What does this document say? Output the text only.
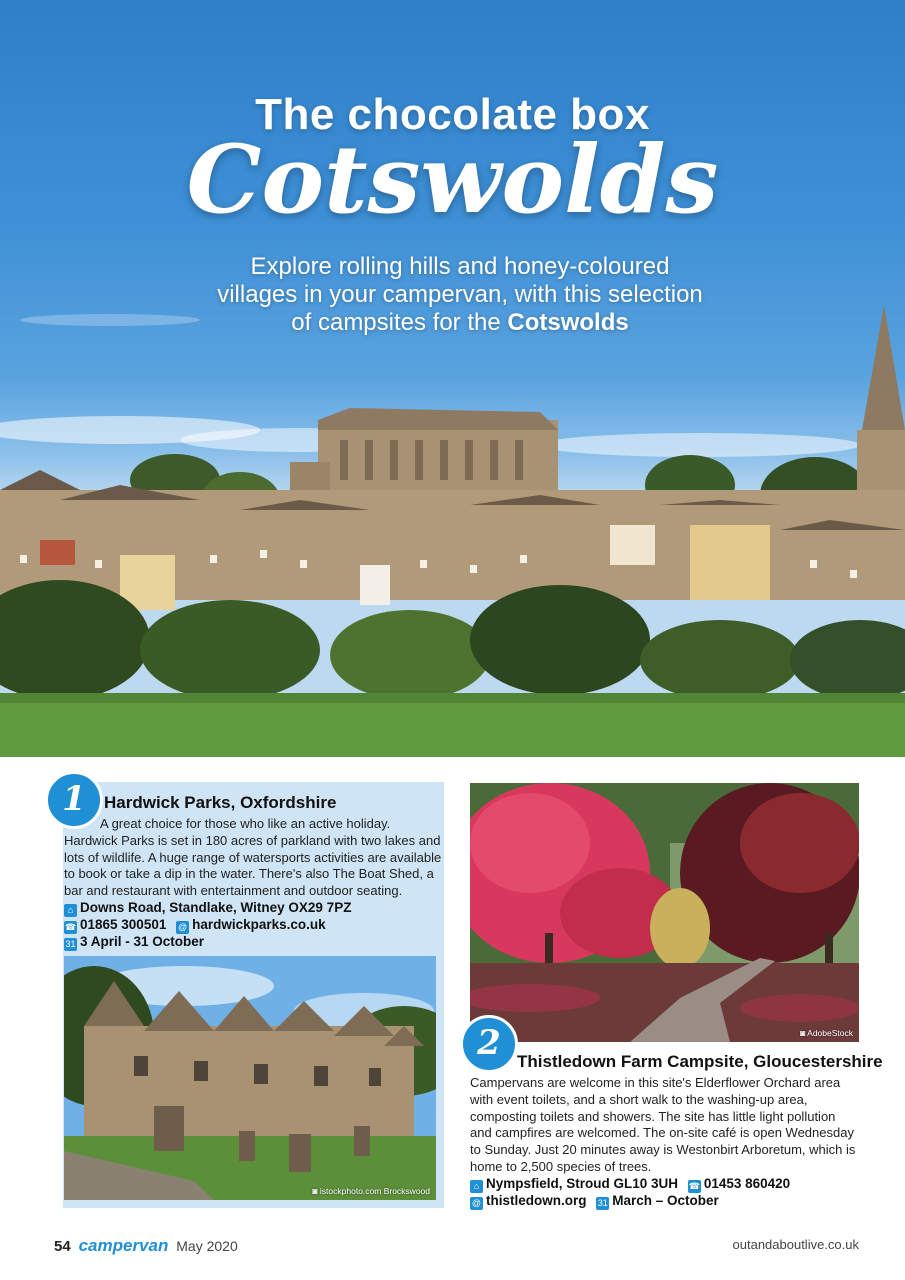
The chocolate box
Cotswolds
Explore rolling hills and honey-coloured
villages in your campervan, with this selection
of campsites for the Cotswolds
1	Hardwick Parks, Oxfordshire
A great choice for those who like an active holiday. Hardwick Parks is set in 180 acres of parkland with two lakes and lots of wildlife. A huge range of watersports activities are available to book or take a dip in the water. There's also The Boat Shed, a bar and restaurant with entertainment and outdoor seating.
⌂ Downs Road, Standlake, Witney OX29 7PZ
☎ 01865 300501 @ hardwickparks.co.uk
31 3 April - 31 October
◙ istockphoto.com Brockswood
◙ AdobeStock
2 Thistledown Farm Campsite, Gloucestershire
Campervans are welcome in this site's Elderflower Orchard area with event toilets, and a short walk to the washing-up area, composting toilets and showers. The site has little light pollution and campfires are welcomed. The on-site café is open Wednesday to Sunday. Just 20 minutes away is Westonbirt Arboretum, which is home to 2,500 species of trees.
⌂ Nympsfield, Stroud GL10 3UH ☎ 01453 860420
@ thistledown.org 31 March – October
54 campervan May 2020	outandaboutlive.co.uk
